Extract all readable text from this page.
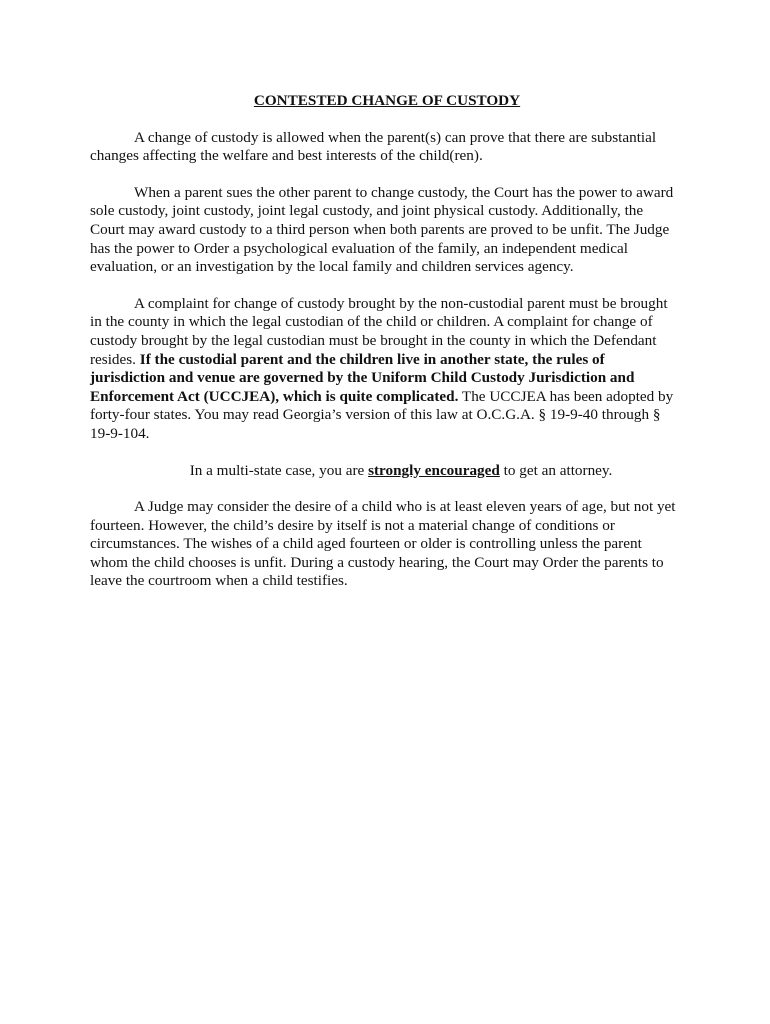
CONTESTED CHANGE OF CUSTODY

A change of custody is allowed when the parent(s) can prove that there are substantial changes affecting the welfare and best interests of the child(ren).

When a parent sues the other parent to change custody, the Court has the power to award sole custody, joint custody, joint legal custody, and joint physical custody. Additionally, the Court may award custody to a third person when both parents are proved to be unfit. The Judge has the power to Order a psychological evaluation of the family, an independent medical evaluation, or an investigation by the local family and children services agency.

A complaint for change of custody brought by the non-custodial parent must be brought in the county in which the legal custodian of the child or children. A complaint for change of custody brought by the legal custodian must be brought in the county in which the Defendant resides. If the custodial parent and the children live in another state, the rules of jurisdiction and venue are governed by the Uniform Child Custody Jurisdiction and Enforcement Act (UCCJEA), which is quite complicated. The UCCJEA has been adopted by forty-four states. You may read Georgia’s version of this law at O.C.G.A. § 19-9-40 through § 19-9-104.

In a multi-state case, you are strongly encouraged to get an attorney.

A Judge may consider the desire of a child who is at least eleven years of age, but not yet fourteen. However, the child’s desire by itself is not a material change of conditions or circumstances. The wishes of a child aged fourteen or older is controlling unless the parent whom the child chooses is unfit. During a custody hearing, the Court may Order the parents to leave the courtroom when a child testifies.
